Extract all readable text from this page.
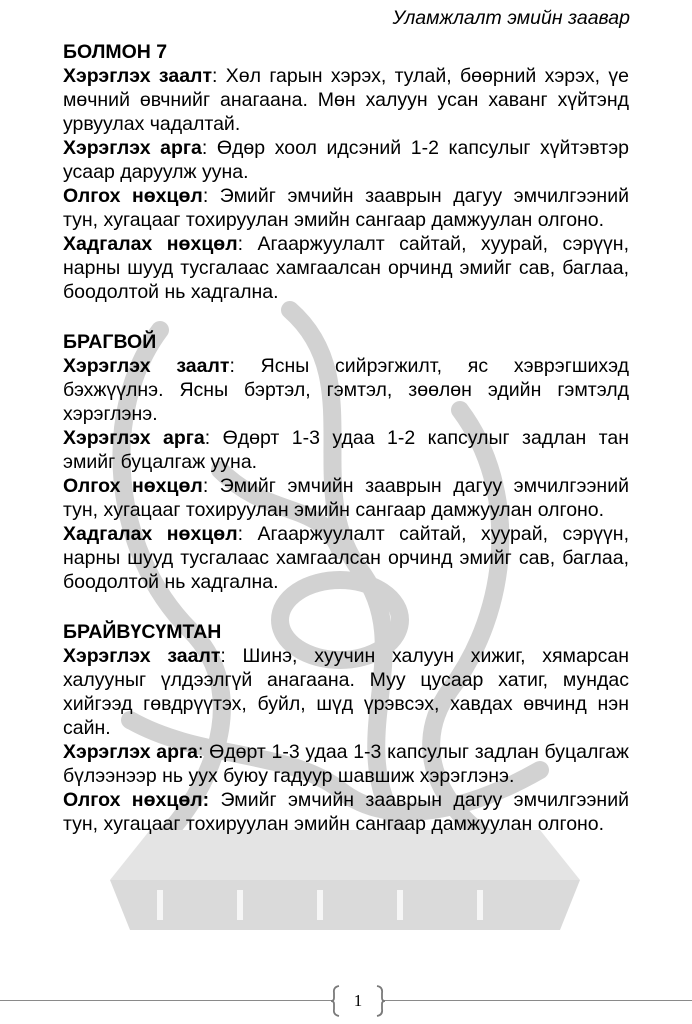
Уламжлалт эмийн заавар

БОЛМОН 7

Хэрэглэх заалт: Хөл гарын хэрэх, тулай, бөөрний хэрэх, үе мөчний өвчнийг анагаана. Мөн халуун усан хаванг хүйтэнд урвуулах чадалтай.

Хэрэглэх арга: Өдөр хоол идсэний 1-2 капсулыг хүйтэвтэр усаар даруулж ууна.

Олгох нөхцөл: Эмийг эмчийн зааврын дагуу эмчилгээний тун, хугацааг тохируулан эмийн сангаар дамжуулан олгоно.

Хадгалах нөхцөл: Агааржуулалт сайтай, хуурай, сэрүүн, нарны шууд тусгалаас хамгаалсан орчинд эмийг сав, баглаа, боодолтой нь хадгална.

БРАГВОЙ

Хэрэглэх заалт: Ясны сийрэгжилт, яс хэврэгшихэд бэхжүүлнэ. Ясны бэртэл, гэмтэл, зөөлөн эдийн гэмтэлд хэрэглэнэ.

Хэрэглэх арга: Өдөрт 1-3 удаа 1-2 капсулыг задлан тан эмийг буцалгаж ууна.

Олгох нөхцөл: Эмийг эмчийн зааврын дагуу эмчилгээний тун, хугацааг тохируулан эмийн сангаар дамжуулан олгоно.

Хадгалах нөхцөл: Агааржуулалт сайтай, хуурай, сэрүүн, нарны шууд тусгалаас хамгаалсан орчинд эмийг сав, баглаа, боодолтой нь хадгална.

БРАЙВҮСҮМТАН

Хэрэглэх заалт: Шинэ, хуучин халуун хижиг, хямарсан халууныг үлдээлгүй анагаана. Муу цусаар хатиг, мундас хийгээд гөвдрүүтэх, буйл, шүд үрэвсэх, хавдах өвчинд нэн сайн.

Хэрэглэх арга: Өдөрт 1-3 удаа 1-3 капсулыг задлан буцалгаж бүлээнээр нь уух буюу гадуур шавшиж хэрэглэнэ.

Олгох нөхцөл: Эмийг эмчийн зааврын дагуу эмчилгээний тун, хугацааг тохируулан эмийн сангаар дамжуулан олгоно.

1
